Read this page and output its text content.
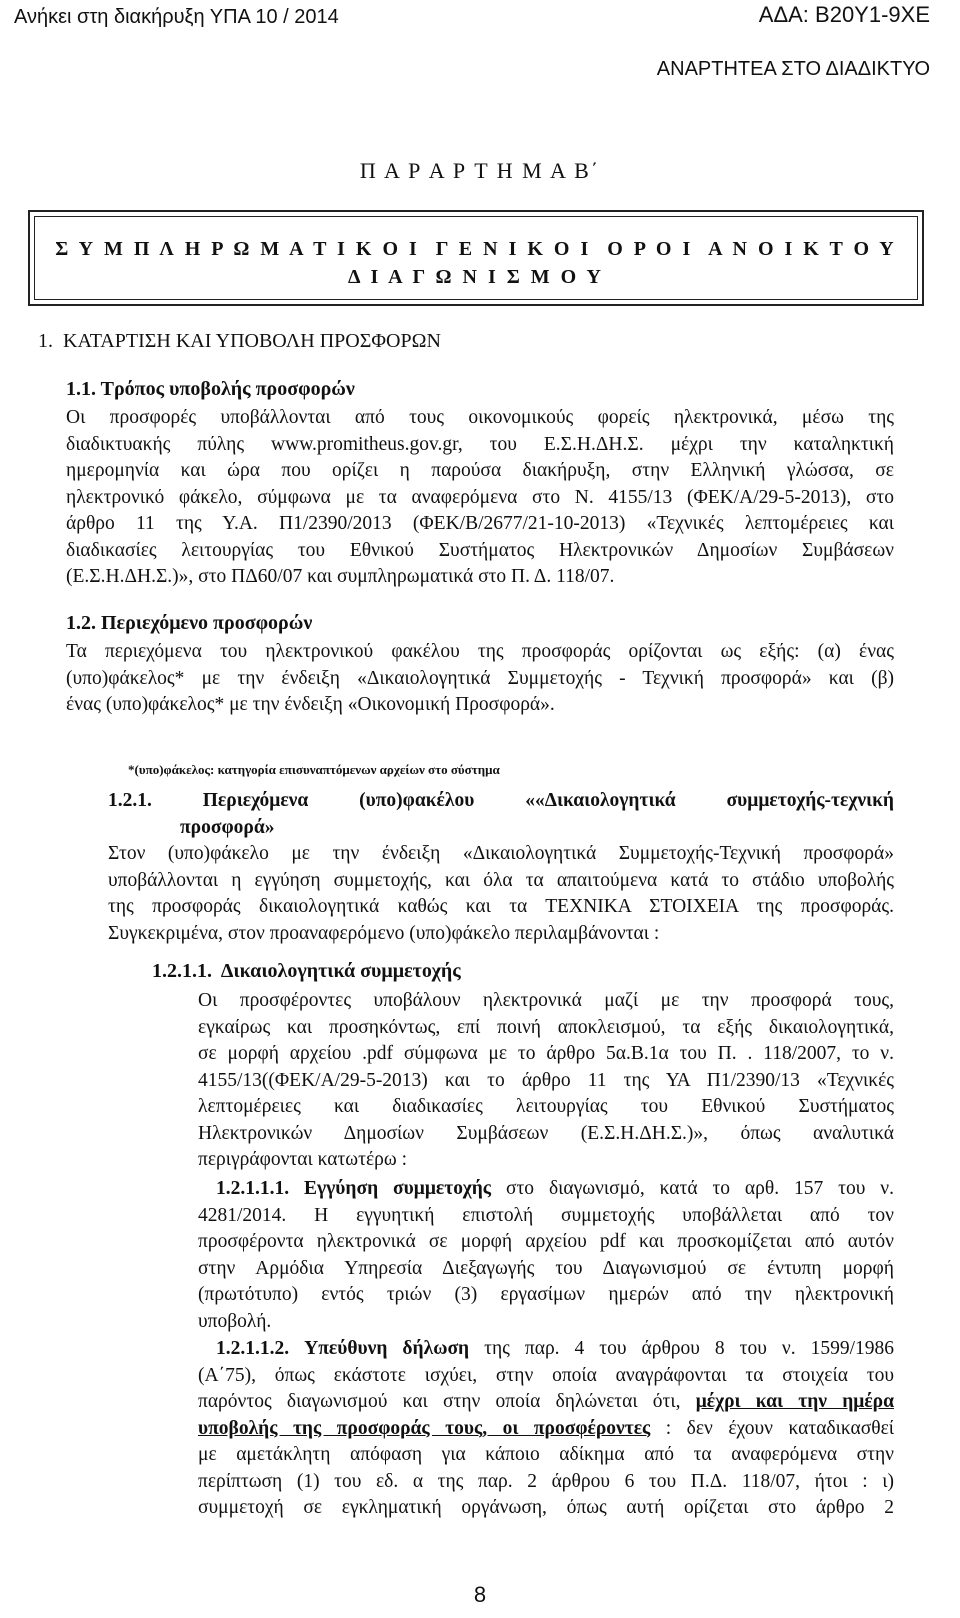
Ανήκει στη διακήρυξη ΥΠΑ 10 / 2014	ΑΔΑ: Β20Υ1-9ΧΕ
ΑΝΑΡΤΗΤΕΑ ΣΤΟ ΔΙΑΔΙΚΤΥΟ
Π Α Ρ Α Ρ Τ Η Μ Α Β΄
Σ Υ Μ Π Λ Η Ρ Ω Μ Α Τ Ι Κ Ο Ι  Γ Ε Ν Ι Κ Ο Ι  Ο Ρ Ο Ι  Α Ν Ο Ι Κ Τ Ο Υ
Δ Ι Α Γ Ω Ν Ι Σ Μ Ο Υ
1.  ΚΑΤΑΡΤΙΣΗ ΚΑΙ ΥΠΟΒΟΛΗ ΠΡΟΣΦΟΡΩΝ
1.1. Τρόπος υποβολής προσφορών
Οι προσφορές υποβάλλονται από τους οικονομικούς φορείς ηλεκτρονικά, μέσω της
διαδικτυακής πύλης www.promitheus.gov.gr, του Ε.Σ.Η.ΔΗ.Σ. μέχρι την καταληκτική
ημερομηνία και ώρα που ορίζει η παρούσα διακήρυξη, στην Ελληνική γλώσσα, σε
ηλεκτρονικό φάκελο, σύμφωνα με τα αναφερόμενα στο Ν. 4155/13 (ΦΕΚ/Α/29-5-2013), στο
άρθρο 11 της Υ.Α. Π1/2390/2013 (ΦΕΚ/Β/2677/21-10-2013) «Τεχνικές λεπτομέρειες και
διαδικασίες λειτουργίας του Εθνικού Συστήματος Ηλεκτρονικών Δημοσίων Συμβάσεων
(Ε.Σ.Η.ΔΗ.Σ.)», στο ΠΔ60/07 και συμπληρωματικά στο Π. Δ. 118/07.
1.2. Περιεχόμενο προσφορών
Τα περιεχόμενα του ηλεκτρονικού φακέλου της προσφοράς ορίζονται ως εξής: (α) ένας
(υπο)φάκελος* με την ένδειξη «Δικαιολογητικά Συμμετοχής - Τεχνική προσφορά» και (β)
ένας (υπο)φάκελος* με την ένδειξη «Οικονομική Προσφορά».
*(υπο)φάκελος: κατηγορία επισυναπτόμενων αρχείων στο σύστημα
1.2.1. Περιεχόμενα (υπο)φακέλου ««Δικαιολογητικά συμμετοχής-τεχνική
προσφορά»
Στον (υπο)φάκελο με την ένδειξη «Δικαιολογητικά Συμμετοχής-Τεχνική προσφορά»
υποβάλλονται η εγγύηση συμμετοχής, και όλα τα απαιτούμενα κατά το στάδιο υποβολής
της προσφοράς δικαιολογητικά καθώς και τα ΤΕΧΝΙΚΑ ΣΤΟΙΧΕΙΑ της προσφοράς.
Συγκεκριμένα, στον προαναφερόμενο (υπο)φάκελο περιλαμβάνονται :
1.2.1.1.  Δικαιολογητικά συμμετοχής
Οι προσφέροντες υποβάλουν ηλεκτρονικά μαζί με την προσφορά τους,
εγκαίρως και προσηκόντως, επί ποινή αποκλεισμού, τα εξής δικαιολογητικά,
σε μορφή αρχείου .pdf σύμφωνα με το άρθρο 5α.Β.1α του Π. . 118/2007, το ν.
4155/13((ΦΕΚ/Α/29-5-2013) και το άρθρο 11 της ΥΑ Π1/2390/13 «Τεχνικές
λεπτομέρειες και διαδικασίες λειτουργίας του Εθνικού Συστήματος
Ηλεκτρονικών Δημοσίων Συμβάσεων (Ε.Σ.Η.ΔΗ.Σ.)», όπως αναλυτικά
περιγράφονται κατωτέρω :
1.2.1.1.1. Εγγύηση συμμετοχής στο διαγωνισμό, κατά το αρθ. 157 του ν.
4281/2014. Η εγγυητική επιστολή συμμετοχής υποβάλλεται από τον
προσφέροντα ηλεκτρονικά σε μορφή αρχείου pdf και προσκομίζεται από αυτόν
στην Αρμόδια Υπηρεσία Διεξαγωγής του Διαγωνισμού σε έντυπη μορφή
(πρωτότυπο) εντός τριών (3) εργασίμων ημερών από την ηλεκτρονική
υποβολή.
1.2.1.1.2. Υπεύθυνη δήλωση της παρ. 4 του άρθρου 8 του ν. 1599/1986
(Α΄75), όπως εκάστοτε ισχύει, στην οποία αναγράφονται τα στοιχεία του
παρόντος διαγωνισμού και στην οποία δηλώνεται ότι, μέχρι και την ημέρα
υποβολής της προσφοράς τους, οι προσφέροντες : δεν έχουν καταδικασθεί
με αμετάκλητη απόφαση για κάποιο αδίκημα από τα αναφερόμενα στην
περίπτωση (1) του εδ. α της παρ. 2 άρθρου 6 του Π.Δ. 118/07, ήτοι : ι)
συμμετοχή σε εγκληματική οργάνωση, όπως αυτή ορίζεται στο άρθρο 2
8
